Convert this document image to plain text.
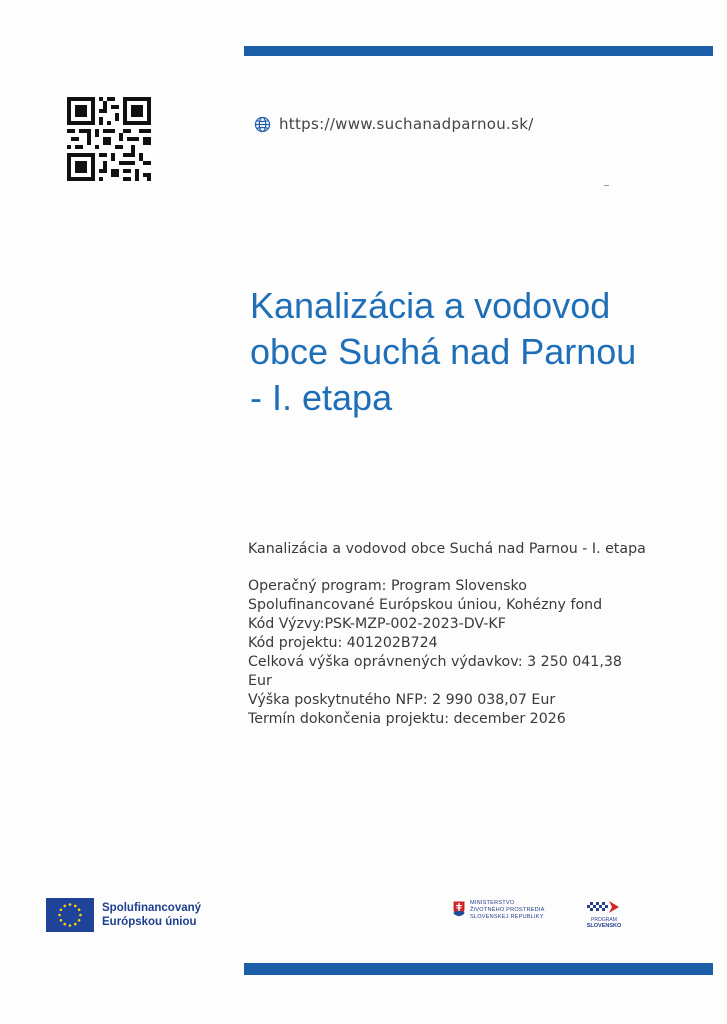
https://www.suchanadparnou.sk/
Kanalizácia a vodovod
obce Suchá nad Parnou
- I. etapa
Kanalizácia a vodovod obce Suchá nad Parnou - I. etapa
Operačný program: Program Slovensko
Spolufinancované Európskou úniou, Kohézny fond
Kód Výzvy:PSK-MZP-002-2023-DV-KF
Kód projektu: 401202B724
Celková výška oprávnených výdavkov: 3 250 041,38 Eur
Výška poskytnutého NFP: 2 990 038,07 Eur
Termín dokončenia projektu: december 2026
Spolufinancovaný
Európskou úniou
MINISTERSTVO
ŽIVOTNÉHO PROSTREDIA
SLOVENSKEJ REPUBLIKY	PROGRAM
SLOVENSKO
